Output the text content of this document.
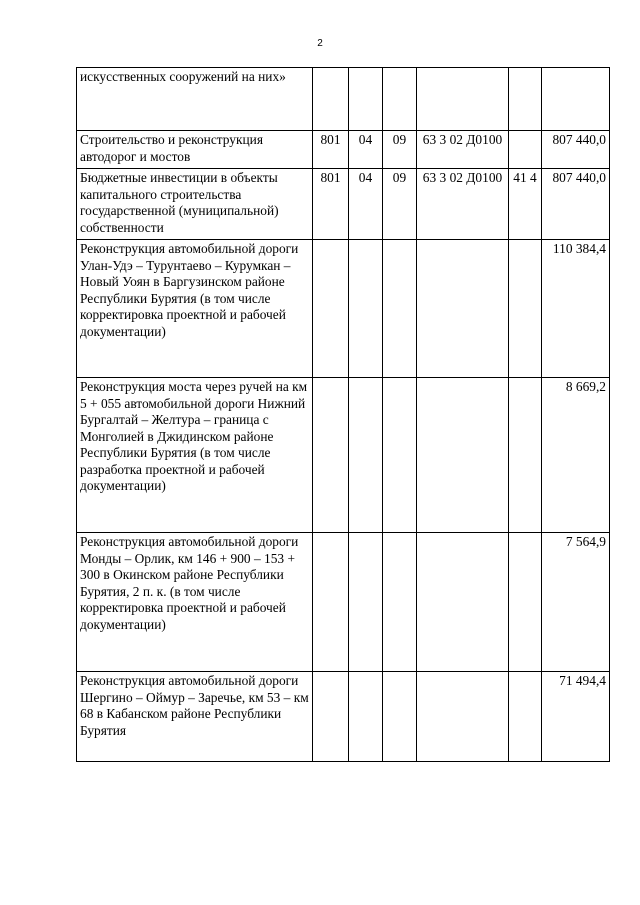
2
искусственных сооружений на них»						
Строительство и реконструкция автодорог и мостов	801	04	09	63 3 02 Д0100		807 440,0
Бюджетные инвестиции в объекты капитального строительства государственной (муниципальной) собственности	801	04	09	63 3 02 Д0100	41 4	807 440,0
Реконструкция автомобильной дороги Улан-Удэ – Турунтаево – Курумкан – Новый Уоян в Баргузинском районе Республики Бурятия (в том числе корректировка проектной и рабочей документации)						110 384,4
Реконструкция моста через ручей на км 5 + 055 автомобильной дороги Нижний Бургалтай – Желтура – граница с Монголией в Джидинском районе Республики Бурятия (в том числе разработка проектной и рабочей документации)						8 669,2
Реконструкция автомобильной дороги Монды – Орлик, км 146 + 900 – 153 + 300 в Окинском районе Республики Бурятия, 2 п. к. (в том числе корректировка проектной и рабочей документации)						7 564,9
Реконструкция автомобильной дороги Шергино – Оймур – Заречье, км 53 – км 68 в Кабанском районе Республики Бурятия						71 494,4
